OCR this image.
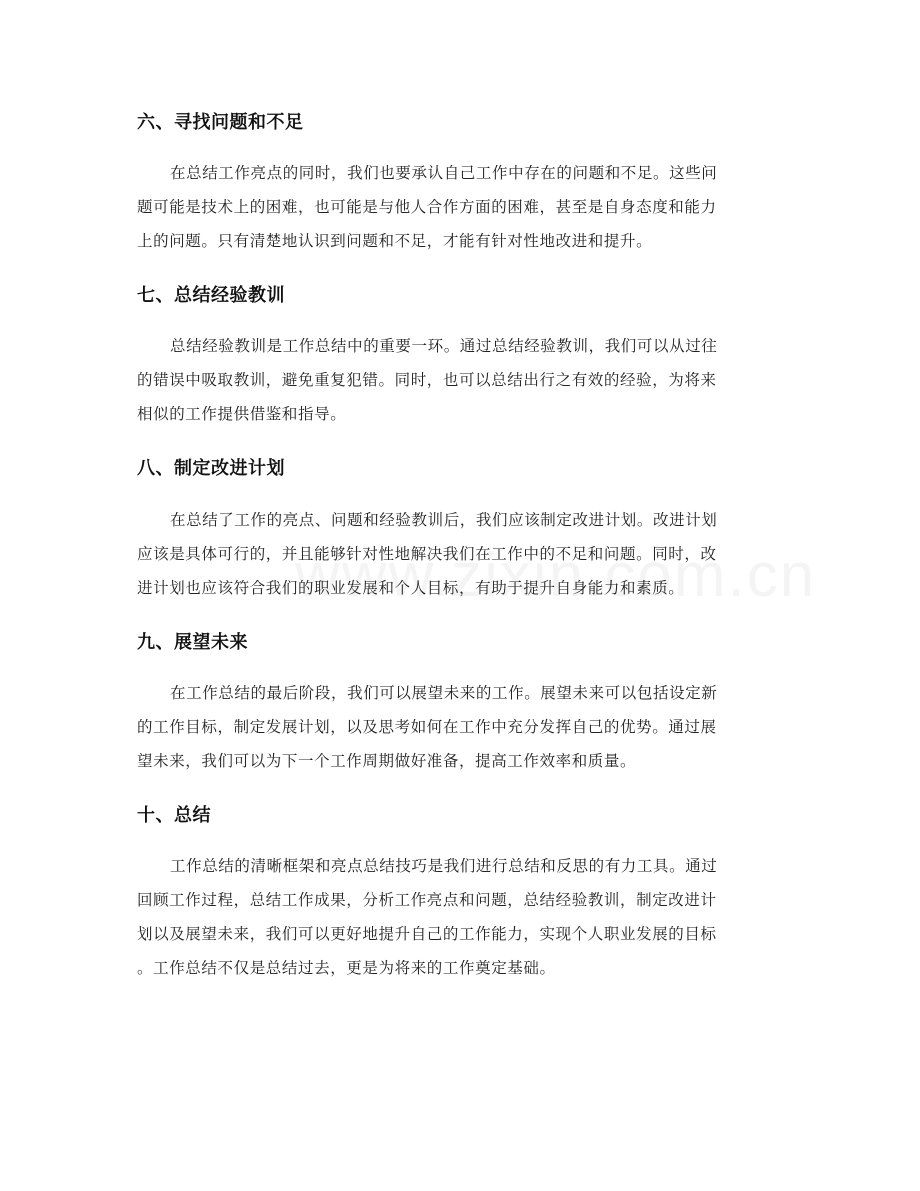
六、寻找问题和不足
在总结工作亮点的同时，我们也要承认自己工作中存在的问题和不足。这些问
题可能是技术上的困难，也可能是与他人合作方面的困难，甚至是自身态度和能力
上的问题。只有清楚地认识到问题和不足，才能有针对性地改进和提升。
七、总结经验教训
总结经验教训是工作总结中的重要一环。通过总结经验教训，我们可以从过往
的错误中吸取教训，避免重复犯错。同时，也可以总结出行之有效的经验，为将来
相似的工作提供借鉴和指导。
八、制定改进计划
在总结了工作的亮点、问题和经验教训后，我们应该制定改进计划。改进计划
应该是具体可行的，并且能够针对性地解决我们在工作中的不足和问题。同时，改
进计划也应该符合我们的职业发展和个人目标，有助于提升自身能力和素质。
九、展望未来
在工作总结的最后阶段，我们可以展望未来的工作。展望未来可以包括设定新
的工作目标，制定发展计划，以及思考如何在工作中充分发挥自己的优势。通过展
望未来，我们可以为下一个工作周期做好准备，提高工作效率和质量。
十、总结
工作总结的清晰框架和亮点总结技巧是我们进行总结和反思的有力工具。通过
回顾工作过程，总结工作成果，分析工作亮点和问题，总结经验教训，制定改进计
划以及展望未来，我们可以更好地提升自己的工作能力，实现个人职业发展的目标
。工作总结不仅是总结过去，更是为将来的工作奠定基础。
